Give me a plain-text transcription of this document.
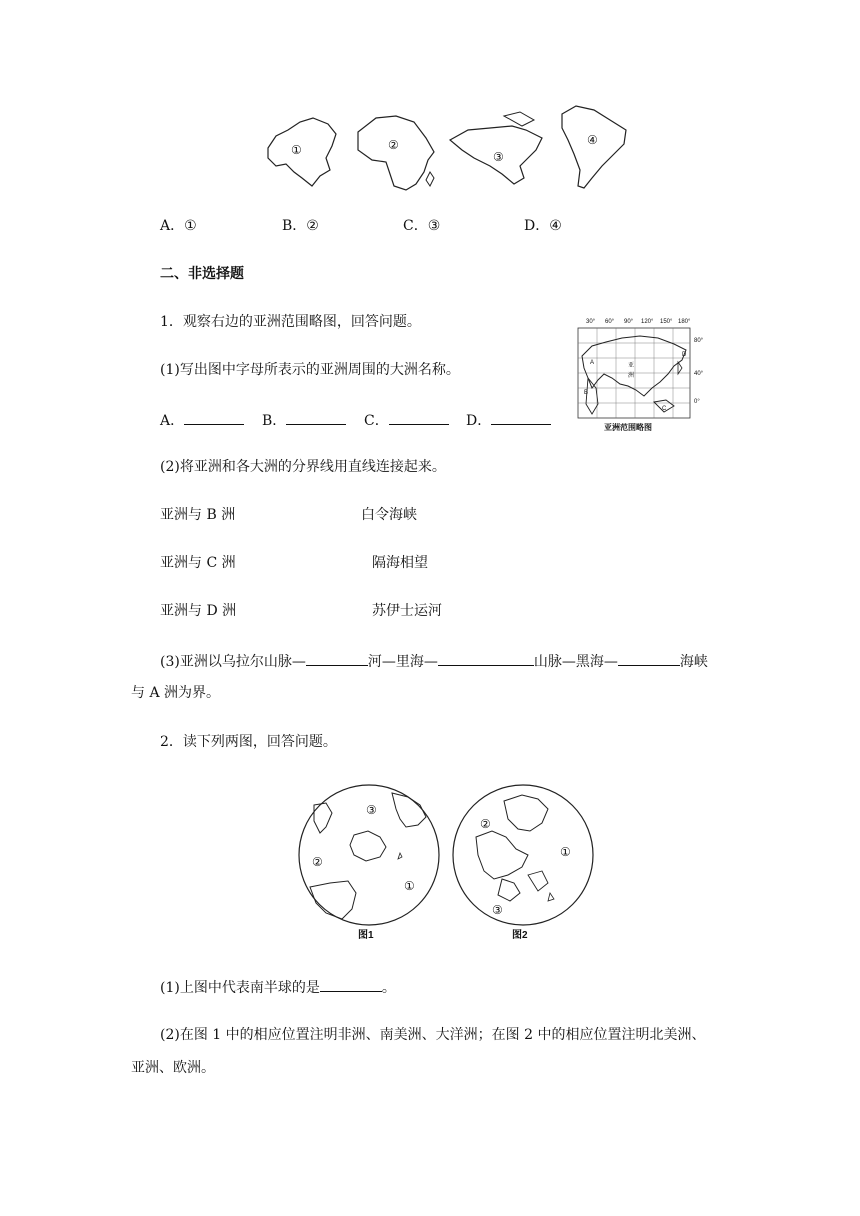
①	②
③
④
A．①	B．②	C．③	D．④
二、非选择题
1．观察右边的亚洲范围略图，回答问题。
(1)写出图中字母所表示的亚洲周围的大洲名称。
A．	B．	C．	D．
30° 60° 90° 120° 150° 180°
80°
40°
0°
A
B
C
D
亚
洲
亚洲范围略图
(2)将亚洲和各大洲的分界线用直线连接起来。
亚洲与 B 洲	白令海峡
亚洲与 C 洲	隔海相望
亚洲与 D 洲	苏伊士运河
(3)亚洲以乌拉尔山脉—	河—里海—	山脉—黑海—	海峡
与 A 洲为界。
2．读下列两图，回答问题。
③
②
①
图1
②
①
③
图2
(1)上图中代表南半球的是	。
(2)在图 1 中的相应位置注明非洲、南美洲、大洋洲；在图 2 中的相应位置注明北美洲、
亚洲、欧洲。
